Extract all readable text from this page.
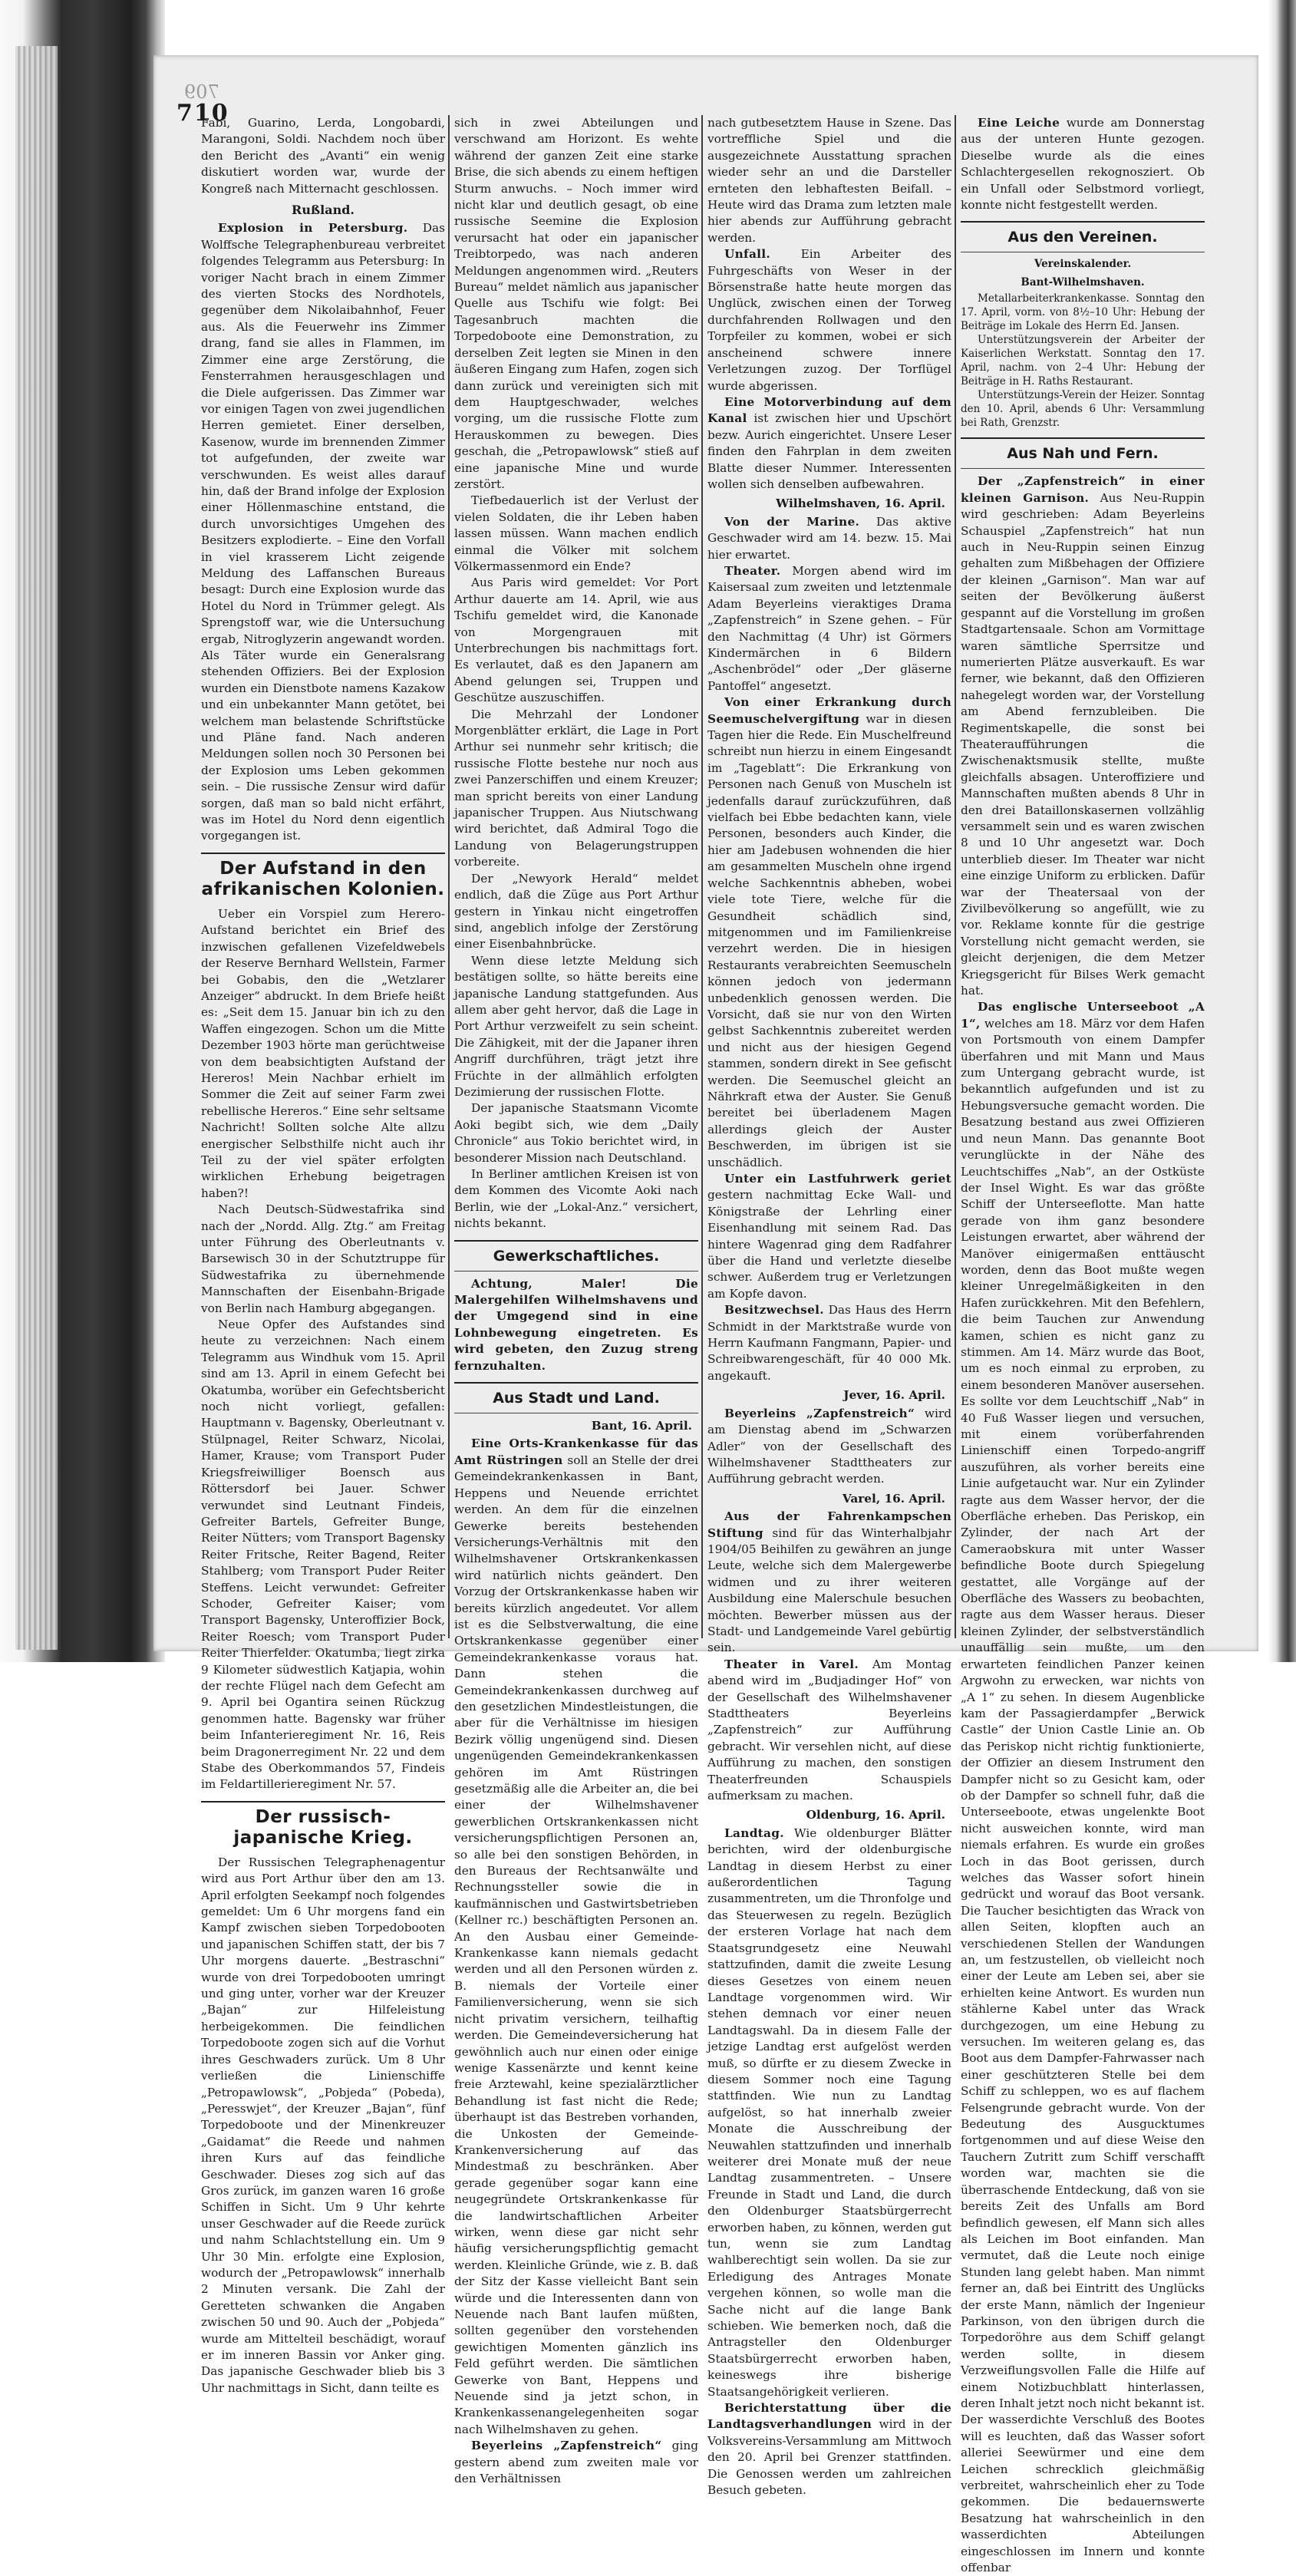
709
710

Fabi, Guarino, Lerda, Longobardi, Marangoni, Soldi. Nachdem noch über den Bericht des „Avanti“ ein wenig diskutiert worden war, wurde der Kongreß nach Mitternacht geschlossen.

Rußland.

Explosion in Petersburg. Das Wolffsche Telegraphenbureau verbreitet folgendes Telegramm aus Petersburg: In voriger Nacht brach in einem Zimmer des vierten Stocks des Nordhotels, gegenüber dem Nikolaibahnhof, Feuer aus. Als die Feuerwehr ins Zimmer drang, fand sie alles in Flammen, im Zimmer eine arge Zerstörung, die Fensterrahmen herausgeschlagen und die Diele aufgerissen. Das Zimmer war vor einigen Tagen von zwei jugendlichen Herren gemietet. Einer derselben, Kasenow, wurde im brennenden Zimmer tot aufgefunden, der zweite war verschwunden. Es weist alles darauf hin, daß der Brand infolge der Explosion einer Höllenmaschine entstand, die durch unvorsichtiges Umgehen des Besitzers explodierte. – Eine den Vorfall in viel krasserem Licht zeigende Meldung des Laffanschen Bureaus besagt: Durch eine Explosion wurde das Hotel du Nord in Trümmer gelegt. Als Sprengstoff war, wie die Untersuchung ergab, Nitroglyzerin angewandt worden. Als Täter wurde ein Generalsrang stehenden Offiziers. Bei der Explosion wurden ein Dienstbote namens Kazakow und ein unbekannter Mann getötet, bei welchem man belastende Schriftstücke und Pläne fand. Nach anderen Meldungen sollen noch 30 Personen bei der Explosion ums Leben gekommen sein. – Die russische Zensur wird dafür sorgen, daß man so bald nicht erfährt, was im Hotel du Nord denn eigentlich vorgegangen ist.

Der Aufstand in den afrikanischen Kolonien.

Ueber ein Vorspiel zum Herero-Aufstand berichtet ein Brief des inzwischen gefallenen Vizefeldwebels der Reserve Bernhard Wellstein, Farmer bei Gobabis, den die „Wetzlarer Anzeiger“ abdruckt. In dem Briefe heißt es: „Seit dem 15. Januar bin ich zu den Waffen eingezogen. Schon um die Mitte Dezember 1903 hörte man gerüchtweise von dem beabsichtigten Aufstand der Hereros! Mein Nachbar erhielt im Sommer die Zeit auf seiner Farm zwei rebellische Hereros.“ Eine sehr seltsame Nachricht! Sollten solche Alte allzu energischer Selbsthilfe nicht auch ihr Teil zu der viel später erfolgten wirklichen Erhebung beigetragen haben?!

Nach Deutsch-Südwestafrika sind nach der „Nordd. Allg. Ztg.“ am Freitag unter Führung des Oberleutnants v. Barsewisch 30 in der Schutztruppe für Südwestafrika zu übernehmende Mannschaften der Eisenbahn-Brigade von Berlin nach Hamburg abgegangen.

Neue Opfer des Aufstandes sind heute zu verzeichnen: Nach einem Telegramm aus Windhuk vom 15. April sind am 13. April in einem Gefecht bei Okatumba, worüber ein Gefechtsbericht noch nicht vorliegt, gefallen: Hauptmann v. Bagensky, Oberleutnant v. Stülpnagel, Reiter Schwarz, Nicolai, Hamer, Krause; vom Transport Puder Kriegsfreiwilliger Boensch aus Röttersdorf bei Jauer. Schwer verwundet sind Leutnant Findeis, Gefreiter Bartels, Gefreiter Bunge, Reiter Nütters; vom Transport Bagensky Reiter Fritsche, Reiter Bagend, Reiter Stahlberg; vom Transport Puder Reiter Steffens. Leicht verwundet: Gefreiter Schoder, Gefreiter Kaiser; vom Transport Bagensky, Unteroffizier Bock, Reiter Roesch; vom Transport Puder Reiter Thierfelder. Okatumba, liegt zirka 9 Kilometer südwestlich Katjapia, wohin der rechte Flügel nach dem Gefecht am 9. April bei Ogantira seinen Rückzug genommen hatte. Bagensky war früher beim Infanterieregiment Nr. 16, Reis beim Dragonerregiment Nr. 22 und dem Stabe des Oberkommandos 57, Findeis im Feldartillerieregiment Nr. 57.

Der russisch-japanische Krieg.

Der Russischen Telegraphenagentur wird aus Port Arthur über den am 13. April erfolgten Seekampf noch folgendes gemeldet: Um 6 Uhr morgens fand ein Kampf zwischen sieben Torpedobooten und japanischen Schiffen statt, der bis 7 Uhr morgens dauerte. „Bestraschni“ wurde von drei Torpedobooten umringt und ging unter, vorher war der Kreuzer „Bajan“ zur Hilfeleistung herbeigekommen. Die feindlichen Torpedoboote zogen sich auf die Vorhut ihres Geschwaders zurück. Um 8 Uhr verließen die Linienschiffe „Petropawlowsk“, „Pobjeda“ (Pobeda), „Peresswjet“, der Kreuzer „Bajan“, fünf Torpedoboote und der Minenkreuzer „Gaidamat“ die Reede und nahmen ihren Kurs auf das feindliche Geschwader. Dieses zog sich auf das Gros zurück, im ganzen waren 16 große Schiffen in Sicht. Um 9 Uhr kehrte unser Geschwader auf die Reede zurück und nahm Schlachtstellung ein. Um 9 Uhr 30 Min. erfolgte eine Explosion, wodurch der „Petropawlowsk“ innerhalb 2 Minuten versank. Die Zahl der Geretteten schwanken die Angaben zwischen 50 und 90. Auch der „Pobjeda“ wurde am Mittelteil beschädigt, worauf er im inneren Bassin vor Anker ging. Das japanische Geschwader blieb bis 3 Uhr nachmittags in Sicht, dann teilte es

sich in zwei Abteilungen und verschwand am Horizont. Es wehte während der ganzen Zeit eine starke Brise, die sich abends zu einem heftigen Sturm anwuchs. – Noch immer wird nicht klar und deutlich gesagt, ob eine russische Seemine die Explosion verursacht hat oder ein japanischer Treibtorpedo, was nach anderen Meldungen angenommen wird. „Reuters Bureau“ meldet nämlich aus japanischer Quelle aus Tschifu wie folgt: Bei Tagesanbruch machten die Torpedoboote eine Demonstration, zu derselben Zeit legten sie Minen in den äußeren Eingang zum Hafen, zogen sich dann zurück und vereinigten sich mit dem Hauptgeschwader, welches vorging, um die russische Flotte zum Herauskommen zu bewegen. Dies geschah, die „Petropawlowsk“ stieß auf eine japanische Mine und wurde zerstört.

Tiefbedauerlich ist der Verlust der vielen Soldaten, die ihr Leben haben lassen müssen. Wann machen endlich einmal die Völker mit solchem Völkermassenmord ein Ende?

Aus Paris wird gemeldet: Vor Port Arthur dauerte am 14. April, wie aus Tschifu gemeldet wird, die Kanonade von Morgengrauen mit Unterbrechungen bis nachmittags fort. Es verlautet, daß es den Japanern am Abend gelungen sei, Truppen und Geschütze auszuschiffen.

Die Mehrzahl der Londoner Morgenblätter erklärt, die Lage in Port Arthur sei nunmehr sehr kritisch; die russische Flotte bestehe nur noch aus zwei Panzerschiffen und einem Kreuzer; man spricht bereits von einer Landung japanischer Truppen. Aus Niutschwang wird berichtet, daß Admiral Togo die Landung von Belagerungstruppen vorbereite.

Der „Newyork Herald“ meldet endlich, daß die Züge aus Port Arthur gestern in Yinkau nicht eingetroffen sind, angeblich infolge der Zerstörung einer Eisenbahnbrücke.

Wenn diese letzte Meldung sich bestätigen sollte, so hätte bereits eine japanische Landung stattgefunden. Aus allem aber geht hervor, daß die Lage in Port Arthur verzweifelt zu sein scheint. Die Zähigkeit, mit der die Japaner ihren Angriff durchführen, trägt jetzt ihre Früchte in der allmählich erfolgten Dezimierung der russischen Flotte.

Der japanische Staatsmann Vicomte Aoki begibt sich, wie dem „Daily Chronicle“ aus Tokio berichtet wird, in besonderer Mission nach Deutschland.

In Berliner amtlichen Kreisen ist von dem Kommen des Vicomte Aoki nach Berlin, wie der „Lokal-Anz.“ versichert, nichts bekannt.

Gewerkschaftliches.

Achtung, Maler! Die Malergehilfen Wilhelmshavens und der Umgegend sind in eine Lohnbewegung eingetreten. Es wird gebeten, den Zuzug streng fernzuhalten.

Aus Stadt und Land.
Bant, 16. April.

Eine Orts-Krankenkasse für das Amt Rüstringen soll an Stelle der drei Gemeindekrankenkassen in Bant, Heppens und Neuende errichtet werden. An dem für die einzelnen Gewerke bereits bestehenden Versicherungs-Verhältnis mit den Wilhelmshavener Ortskrankenkassen wird natürlich nichts geändert. Den Vorzug der Ortskrankenkasse haben wir bereits kürzlich angedeutet. Vor allem ist es die Selbstverwaltung, die eine Ortskrankenkasse gegenüber einer Gemeindekrankenkasse voraus hat. Dann stehen die Gemeindekrankenkassen durchweg auf den gesetzlichen Mindestleistungen, die aber für die Verhältnisse im hiesigen Bezirk völlig ungenügend sind. Diesen ungenügenden Gemeindekrankenkassen gehören im Amt Rüstringen gesetzmäßig alle die Arbeiter an, die bei einer der Wilhelmshavener gewerblichen Ortskrankenkassen nicht versicherungspflichtigen Personen an, so alle bei den sonstigen Behörden, in den Bureaus der Rechtsanwälte und Rechnungssteller sowie die in kaufmännischen und Gastwirtsbetrieben (Kellner rc.) beschäftigten Personen an. An den Ausbau einer Gemeinde-Krankenkasse kann niemals gedacht werden und all den Personen würden z. B. niemals der Vorteile einer Familienversicherung, wenn sie sich nicht privatim versichern, teilhaftig werden. Die Gemeindeversicherung hat gewöhnlich auch nur einen oder einige wenige Kassenärzte und kennt keine freie Arztewahl, keine spezialärztlicher Behandlung ist fast nicht die Rede; überhaupt ist das Bestreben vorhanden, die Unkosten der Gemeinde-Krankenversicherung auf das Mindestmaß zu beschränken. Aber gerade gegenüber sogar kann eine neugegründete Ortskrankenkasse für die landwirtschaftlichen Arbeiter wirken, wenn diese gar nicht sehr häufig versicherungspflichtig gemacht werden. Kleinliche Gründe, wie z. B. daß der Sitz der Kasse vielleicht Bant sein würde und die Interessenten dann von Neuende nach Bant laufen müßten, sollten gegenüber den vorstehenden gewichtigen Momenten gänzlich ins Feld geführt werden. Die sämtlichen Gewerke von Bant, Heppens und Neuende sind ja jetzt schon, in Krankenkassenangelegenheiten sogar nach Wilhelmshaven zu gehen.

Beyerleins „Zapfenstreich“ ging gestern abend zum zweiten male vor den Verhältnissen

nach gutbesetztem Hause in Szene. Das vortreffliche Spiel und die ausgezeichnete Ausstattung sprachen wieder sehr an und die Darsteller ernteten den lebhaftesten Beifall. – Heute wird das Drama zum letzten male hier abends zur Aufführung gebracht werden.

Unfall.	Ein Arbeiter des Fuhrgeschäfts von Weser in der Börsenstraße hatte heute morgen das Unglück, zwischen einen der Torweg durchfahrenden Rollwagen und den Torpfeiler zu kommen, wobei er sich anscheinend schwere innere Verletzungen zuzog. Der Torflügel wurde abgerissen.

Eine Motorverbindung auf dem Kanal ist zwischen hier und Upschört bezw. Aurich eingerichtet. Unsere Leser finden den Fahrplan in dem zweiten Blatte dieser Nummer. Interessenten wollen sich denselben aufbewahren.

Wilhelmshaven, 16. April.

Von der Marine. Das aktive Geschwader wird am 14. bezw. 15. Mai hier erwartet.

Theater. Morgen abend wird im Kaisersaal zum zweiten und letztenmale Adam Beyerleins vieraktiges Drama „Zapfenstreich“ in Szene gehen. – Für den Nachmittag (4 Uhr) ist Görmers Kindermärchen in 6 Bildern „Aschenbrödel“ oder „Der gläserne Pantoffel“ angesetzt.

Von einer Erkrankung durch Seemuschelvergiftung war in diesen Tagen hier die Rede. Ein Muschelfreund schreibt nun hierzu in einem Eingesandt im „Tageblatt“: Die Erkrankung von Personen nach Genuß von Muscheln ist jedenfalls darauf zurückzuführen, daß vielfach bei Ebbe bedachten kann, viele Personen, besonders auch Kinder, die hier am Jadebusen wohnenden die hier am gesammelten Muscheln ohne irgend welche Sachkenntnis abheben, wobei viele tote Tiere, welche für die Gesundheit schädlich sind, mitgenommen und im Familienkreise verzehrt werden. Die in hiesigen Restaurants verabreichten Seemuscheln können jedoch von jedermann unbedenklich genossen werden. Die Vorsicht, daß sie nur von den Wirten gelbst Sachkenntnis zubereitet werden und nicht aus der hiesigen Gegend stammen, sondern direkt in See gefischt werden. Die Seemuschel gleicht an Nährkraft etwa der Auster. Sie Genuß bereitet bei überladenem Magen allerdings gleich der Auster Beschwerden, im übrigen ist sie unschädlich.

Unter ein Lastfuhrwerk geriet gestern nachmittag Ecke Wall- und Königstraße der Lehrling einer Eisenhandlung mit seinem Rad. Das hintere Wagenrad ging dem Radfahrer über die Hand und verletzte dieselbe schwer. Außerdem trug er Verletzungen am Kopfe davon.

Besitzwechsel. Das Haus des Herrn Schmidt in der Marktstraße wurde von Herrn Kaufmann Fangmann, Papier- und Schreibwarengeschäft, für 40 000 Mk. angekauft.

Jever, 16. April.

Beyerleins „Zapfenstreich“ wird am Dienstag abend im „Schwarzen Adler“ von der Gesellschaft des Wilhelmshavener Stadttheaters zur Aufführung gebracht werden.

Varel, 16. April.

Aus der Fahrenkampschen Stiftung sind für das Winterhalbjahr 1904/05 Beihilfen zu gewähren an junge Leute, welche sich dem Malergewerbe widmen und zu ihrer weiteren Ausbildung eine Malerschule besuchen möchten. Bewerber müssen aus der Stadt- und Landgemeinde Varel gebürtig sein.

Theater in Varel. Am Montag abend wird im „Budjadinger Hof“ von der Gesellschaft des Wilhelmshavener Stadttheaters Beyerleins „Zapfenstreich“ zur Aufführung gebracht. Wir versehlen nicht, auf diese Aufführung zu machen, den sonstigen Theaterfreunden Schauspiels aufmerksam zu machen.

Oldenburg, 16. April.

Landtag. Wie oldenburger Blätter berichten, wird der oldenburgische Landtag in diesem Herbst zu einer außerordentlichen Tagung zusammentreten, um die Thronfolge und das Steuerwesen zu regeln. Bezüglich der ersteren Vorlage hat nach dem Staatsgrundgesetz eine Neuwahl stattzufinden, damit die zweite Lesung dieses Gesetzes von einem neuen Landtage vorgenommen wird. Wir stehen demnach vor einer neuen Landtagswahl. Da in diesem Falle der jetzige Landtag erst aufgelöst werden muß, so dürfte er zu diesem Zwecke in diesem Sommer noch eine Tagung stattfinden. Wie nun zu Landtag aufgelöst, so hat innerhalb zweier Monate die Ausschreibung der Neuwahlen stattzufinden und innerhalb weiterer drei Monate muß der neue Landtag zusammentreten. – Unsere Freunde in Stadt und Land, die durch den Oldenburger Staatsbürgerrecht erworben haben, zu können, werden gut tun, wenn sie zum Landtag wahlberechtigt sein wollen. Da sie zur Erledigung des Antrages Monate vergehen können, so wolle man die Sache nicht auf die lange Bank schieben. Wie bemerken noch, daß die Antragsteller den Oldenburger Staatsbürgerrecht erworben haben, keineswegs ihre bisherige Staatsangehörigkeit verlieren.

Berichterstattung über die Landtagsverhandlungen wird in der Volksvereins-Versammlung am Mittwoch den 20. April bei Grenzer stattfinden. Die Genossen werden um zahlreichen Besuch gebeten.

Eine Leiche wurde am Donnerstag aus der unteren Hunte gezogen. Dieselbe wurde als die eines Schlachtergesellen rekognosziert. Ob ein Unfall oder Selbstmord vorliegt, konnte nicht festgestellt werden.

Aus den Vereinen.
Vereinskalender.
Bant-Wilhelmshaven.

Metallarbeiterkrankenkasse. Sonntag den 17. April, vorm. von 8½–10 Uhr: Hebung der Beiträge im Lokale des Herrn Ed. Jansen.

Unterstützungsverein der Arbeiter der Kaiserlichen Werkstatt. Sonntag den 17. April, nachm. von 2–4 Uhr: Hebung der Beiträge in H. Raths Restaurant.

Unterstützungs-Verein der Heizer. Sonntag den 10. April, abends 6 Uhr: Versammlung bei Rath, Grenzstr.

Aus Nah und Fern.

Der „Zapfenstreich“ in einer kleinen Garnison. Aus Neu-Ruppin wird geschrieben: Adam Beyerleins Schauspiel „Zapfenstreich“ hat nun auch in Neu-Ruppin seinen Einzug gehalten zum Mißbehagen der Offiziere der kleinen „Garnison“. Man war auf seiten der Bevölkerung äußerst gespannt auf die Vorstellung im großen Stadtgartensaale. Schon am Vormittage waren sämtliche Sperrsitze und numerierten Plätze ausverkauft. Es war ferner, wie bekannt, daß den Offizieren nahegelegt worden war, der Vorstellung am Abend fernzubleiben. Die Regimentskapelle, die sonst bei Theateraufführungen die Zwischenaktsmusik stellte, mußte gleichfalls absagen. Unteroffiziere und Mannschaften mußten abends 8 Uhr in den drei Bataillonskasernen vollzählig versammelt sein und es waren zwischen 8 und 10 Uhr angesetzt war. Doch unterblieb dieser. Im Theater war nicht eine einzige Uniform zu erblicken. Dafür war der Theatersaal von der Zivilbevölkerung so angefüllt, wie zu vor. Reklame konnte für die gestrige Vorstellung nicht gemacht werden, sie gleicht derjenigen, die dem Metzer Kriegsgericht für Bilses Werk gemacht hat.

Das englische Unterseeboot „A 1“, welches am 18. März vor dem Hafen von Portsmouth von einem Dampfer überfahren und mit Mann und Maus zum Untergang gebracht wurde, ist bekanntlich aufgefunden und ist zu Hebungsversuche gemacht worden. Die Besatzung bestand aus zwei Offizieren und neun Mann. Das genannte Boot verunglückte in der Nähe des Leuchtschiffes „Nab“, an der Ostküste der Insel Wight. Es war das größte Schiff der Unterseeflotte. Man hatte gerade von ihm ganz besondere Leistungen erwartet, aber während der Manöver einigermaßen enttäuscht worden, denn das Boot mußte wegen kleiner Unregelmäßigkeiten in den Hafen zurückkehren. Mit den Befehlern, die beim Tauchen zur Anwendung kamen, schien es nicht ganz zu stimmen. Am 14. März wurde das Boot, um es noch einmal zu erproben, zu einem besonderen Manöver ausersehen. Es sollte vor dem Leuchtschiff „Nab“ in 40 Fuß Wasser liegen und versuchen, mit einem vorüberfahrenden Linienschiff einen Torpedo-angriff auszuführen, als vorher bereits eine Linie aufgetaucht war. Nur ein Zylinder ragte aus dem Wasser hervor, der die Oberfläche erheben. Das Periskop, ein Zylinder, der nach Art der Cameraobskura mit unter Wasser befindliche Boote durch Spiegelung gestattet, alle Vorgänge auf der Oberfläche des Wassers zu beobachten, ragte aus dem Wasser heraus. Dieser kleinen Zylinder, der selbstverständlich unauffällig sein mußte, um den erwarteten feindlichen Panzer keinen Argwohn zu erwecken, war nichts von „A 1“ zu sehen. In diesem Augenblicke kam der Passagierdampfer „Berwick Castle“ der Union Castle Linie an. Ob das Periskop nicht richtig funktionierte, der Offizier an diesem Instrument den Dampfer nicht so zu Gesicht kam, oder ob der Dampfer so schnell fuhr, daß die Unterseeboote, etwas ungelenkte Boot nicht ausweichen konnte, wird man niemals erfahren. Es wurde ein großes Loch in das Boot gerissen, durch welches das Wasser sofort hinein gedrückt und worauf das Boot versank. Die Taucher besichtigten das Wrack von allen Seiten, klopften auch an verschiedenen Stellen der Wandungen an, um festzustellen, ob vielleicht noch einer der Leute am Leben sei, aber sie erhielten keine Antwort. Es wurden nun stählerne Kabel unter das Wrack durchgezogen, um eine Hebung zu versuchen. Im weiteren gelang es, das Boot aus dem Dampfer-Fahrwasser nach einer geschützteren Stelle bei dem Schiff zu schleppen, wo es auf flachem Felsengrunde gebracht wurde. Von der Bedeutung des Ausgucktumes fortgenommen und auf diese Weise den Tauchern Zutritt zum Schiff verschafft worden war, machten sie die überraschende Entdeckung, daß von sie bereits Zeit des Unfalls am Bord befindlich gewesen, elf Mann sich alles als Leichen im Boot einfanden. Man vermutet, daß die Leute noch einige Stunden lang gelebt haben. Man nimmt ferner an, daß bei Eintritt des Unglücks der erste Mann, nämlich der Ingenieur Parkinson, von den übrigen durch die Torpedoröhre aus dem Schiff gelangt werden sollte, in diesem Verzweiflungsvollen Falle die Hilfe auf einem Notizbuchblatt hinterlassen, deren Inhalt jetzt noch nicht bekannt ist. Der wasserdichte Verschluß des Bootes will es leuchten, daß das Wasser sofort alleriei Seewürmer und eine dem Leichen schrecklich gleichmäßig verbreitet, wahrscheinlich eher zu Tode gekommen. Die bedauernswerte Besatzung hat wahrscheinlich in den wasserdichten Abteilungen eingeschlossen im Innern und konnte offenbar
